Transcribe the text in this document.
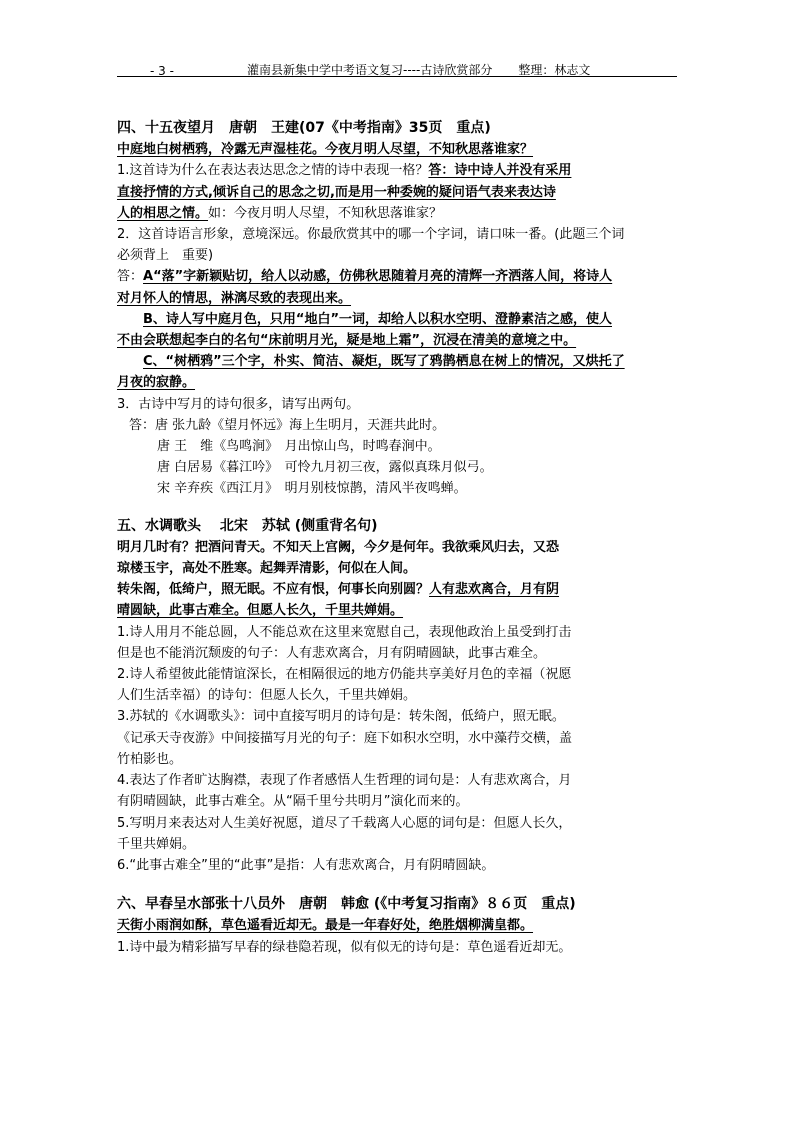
- 3 -	灌南县新集中学中考语文复习----古诗欣赏部分 整理：林志文
四、十五夜望月　唐朝　王建(07《中考指南》35页　重点)
中庭地白树栖鸦，冷露无声湿桂花。今夜月明人尽望，不知秋思落谁家？
1.这首诗为什么在表达表达思念之情的诗中表现一格？答：诗中诗人并没有采用
直接抒情的方式,倾诉自己的思念之切,而是用一种委婉的疑问语气表来表达诗
人的相思之情。如：今夜月明人尽望，不知秋思落谁家？
2．这首诗语言形象，意境深远。你最欣赏其中的哪一个字词，请口味一番。(此题三个词
必须背上　重要)
答：A“落”字新颖贴切，给人以动感，仿佛秋思随着月亮的清辉一齐洒落人间，将诗人
对月怀人的情思，淋漓尽致的表现出来。
B、诗人写中庭月色，只用“地白”一词，却给人以积水空明、澄静素洁之感，使人
不由会联想起李白的名句“床前明月光，疑是地上霜”，沉浸在清美的意境之中。
C、“树栖鸦”三个字，朴实、简洁、凝炬，既写了鸦鹊栖息在树上的情况，又烘托了
月夜的寂静。
3．古诗中写月的诗句很多，请写出两句。
答：唐 张九龄《望月怀远》海上生明月，天涯共此时。
唐 王　维《鸟鸣涧》　月出惊山鸟，时鸣春涧中。
唐 白居易《暮江吟》　可怜九月初三夜，露似真珠月似弓。
宋 辛弃疾《西江月》　明月别枝惊鹊，清风半夜鸣蝉。
五、水调歌头　 北宋　苏轼 (侧重背名句)
明月几时有？把酒问青天。不知天上宫阙，今夕是何年。我欲乘风归去，又恐
琼楼玉宇，高处不胜寒。起舞弄清影，何似在人间。
转朱阁，低绮户，照无眠。不应有恨，何事长向别圆？人有悲欢离合，月有阴
晴圆缺，此事古难全。但愿人长久，千里共婵娟。
1.诗人用月不能总圆，人不能总欢在这里来宽慰自己，表现他政治上虽受到打击
但是也不能消沉颓废的句子：人有悲欢离合，月有阴晴圆缺，此事古难全。
2.诗人希望彼此能情谊深长，在相隔很远的地方仍能共享美好月色的幸福（祝愿
人们生活幸福）的诗句：但愿人长久，千里共婵娟。
3.苏轼的《水调歌头》：词中直接写明月的诗句是：转朱阁，低绮户，照无眠。
《记承天寺夜游》中间接描写月光的句子：庭下如积水空明，水中藻荇交横，盖
竹柏影也。
4.表达了作者旷达胸襟，表现了作者感悟人生哲理的词句是：人有悲欢离合，月
有阴晴圆缺，此事古难全。从“隔千里兮共明月”演化而来的。
5.写明月来表达对人生美好祝愿，道尽了千载离人心愿的词句是：但愿人长久，
千里共婵娟。
6.“此事古难全”里的“此事”是指：人有悲欢离合，月有阴晴圆缺。
六、早春呈水部张十八员外　唐朝　韩愈 (《中考复习指南》８６页　重点)
天街小雨润如酥，草色遥看近却无。最是一年春好处，绝胜烟柳满皇都。
1.诗中最为精彩描写早春的绿巷隐若现，似有似无的诗句是：草色遥看近却无。
